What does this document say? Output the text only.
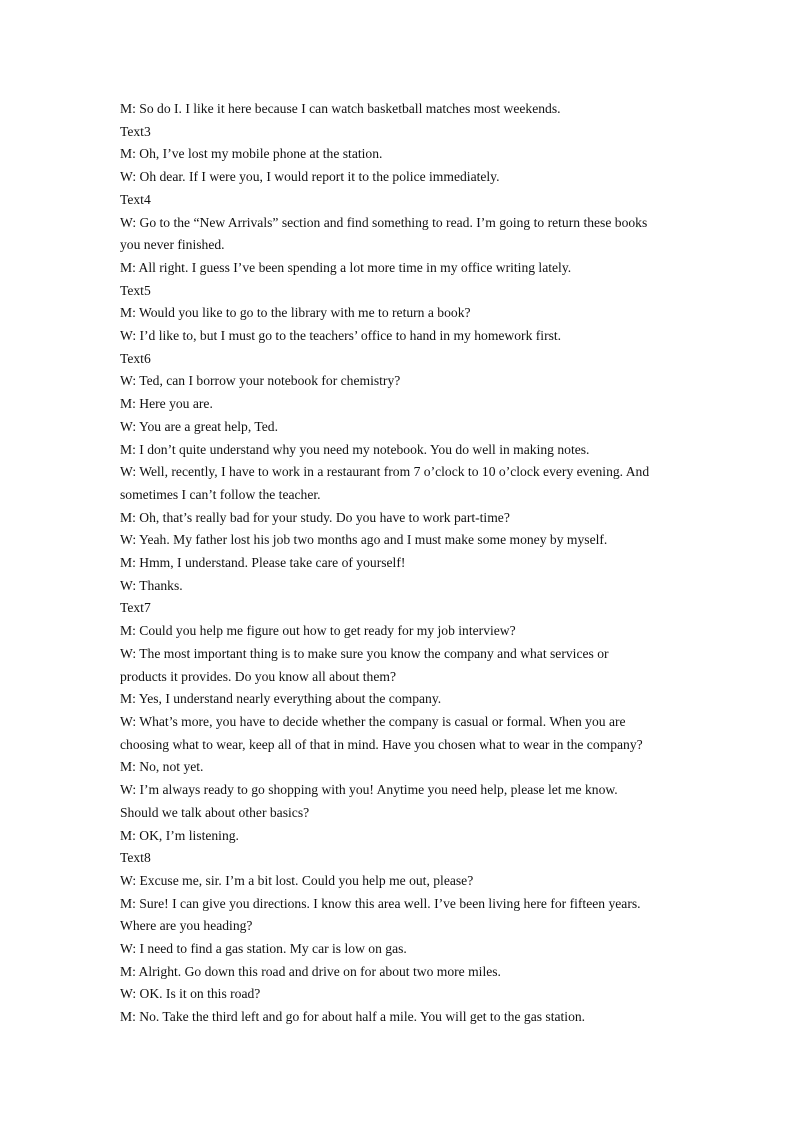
M: So do I. I like it here because I can watch basketball matches most weekends.

Text3

M: Oh, I’ve lost my mobile phone at the station.

W: Oh dear. If I were you, I would report it to the police immediately.

Text4

W: Go to the “New Arrivals” section and find something to read. I’m going to return these books

you never finished.

M: All right. I guess I’ve been spending a lot more time in my office writing lately.

Text5

M: Would you like to go to the library with me to return a book?

W: I’d like to, but I must go to the teachers’ office to hand in my homework first.

Text6

W: Ted, can I borrow your notebook for chemistry?

M: Here you are.

W: You are a great help, Ted.

M: I don’t quite understand why you need my notebook. You do well in making notes.

W: Well, recently, I have to work in a restaurant from 7 o’clock to 10 o’clock every evening. And

sometimes I can’t follow the teacher.

M: Oh, that’s really bad for your study. Do you have to work part-time?

W: Yeah. My father lost his job two months ago and I must make some money by myself.

M: Hmm, I understand. Please take care of yourself!

W: Thanks.

Text7

M: Could you help me figure out how to get ready for my job interview?

W: The most important thing is to make sure you know the company and what services or

products it provides. Do you know all about them?

M: Yes, I understand nearly everything about the company.

W: What’s more, you have to decide whether the company is casual or formal. When you are

choosing what to wear, keep all of that in mind. Have you chosen what to wear in the company?

M: No, not yet.

W: I’m always ready to go shopping with you! Anytime you need help, please let me know.

Should we talk about other basics?

M: OK, I’m listening.

Text8

W: Excuse me, sir. I’m a bit lost. Could you help me out, please?

M: Sure! I can give you directions. I know this area well. I’ve been living here for fifteen years.

Where are you heading?

W: I need to find a gas station. My car is low on gas.

M: Alright. Go down this road and drive on for about two more miles.

W: OK. Is it on this road?

M: No. Take the third left and go for about half a mile. You will get to the gas station.
